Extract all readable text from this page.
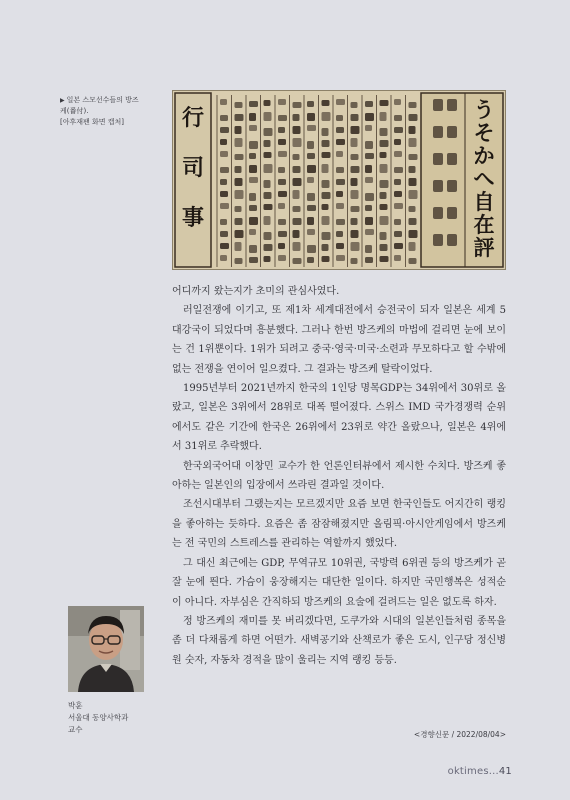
▶ 일본 스모선수들의 방즈
케(番付).
[아후재팬 화면 캡처]	う
そ
か
へ
自
在
評
行
司
事

어디까지 왔는지가 초미의 관심사였다.

러일전쟁에 이기고, 또 제1차 세계대전에서 승전국이 되자 일본은 세계 5대강국이 되었다며 흥분했다. 그러나 한번 방즈케의 마법에 걸리면 눈에 보이는 건 1위뿐이다. 1위가 되려고 중국·영국·미국·소련과 무모하다고 할 수밖에 없는 전쟁을 연이어 일으켰다. 그 결과는 방즈케 탈락이었다.

1995년부터 2021년까지 한국의 1인당 명목GDP는 34위에서 30위로 올랐고, 일본은 3위에서 28위로 대폭 떨어졌다. 스위스 IMD 국가경쟁력 순위에서도 같은 기간에 한국은 26위에서 23위로 약간 올랐으나, 일본은 4위에서 31위로 추락했다.

한국외국어대 이창민 교수가 한 언론인터뷰에서 제시한 수치다. 방즈케 좋아하는 일본인의 입장에서 쓰라린 결과일 것이다.

조선시대부터 그랬는지는 모르겠지만 요즘 보면 한국인들도 어지간히 랭킹을 좋아하는 듯하다. 요즘은 좀 잠잠해졌지만 올림픽·아시안게임에서 방즈케는 전 국민의 스트레스를 관리하는 역할까지 했었다.

그 대신 최근에는 GDP, 무역규모 10위권, 국방력 6위권 등의 방즈케가 곧잘 눈에 띈다. 가슴이 웅장해지는 대단한 일이다. 하지만 국민행복은 성적순이 아니다. 자부심은 간직하되 방즈케의 요술에 걸려드는 일은 없도록 하자.

정 방즈케의 재미를 못 버리겠다면, 도쿠가와 시대의 일본인들처럼 종목을 좀 더 다채롭게 하면 어떤가. 새벽공기와 산책로가 좋은 도시, 인구당 정신병원 숫자, 자동차 경적을 많이 울리는 지역 랭킹 등등.

박훈
서울대 동양사학과
교수
<경향신문 / 2022/08/04>
oktimes...41
